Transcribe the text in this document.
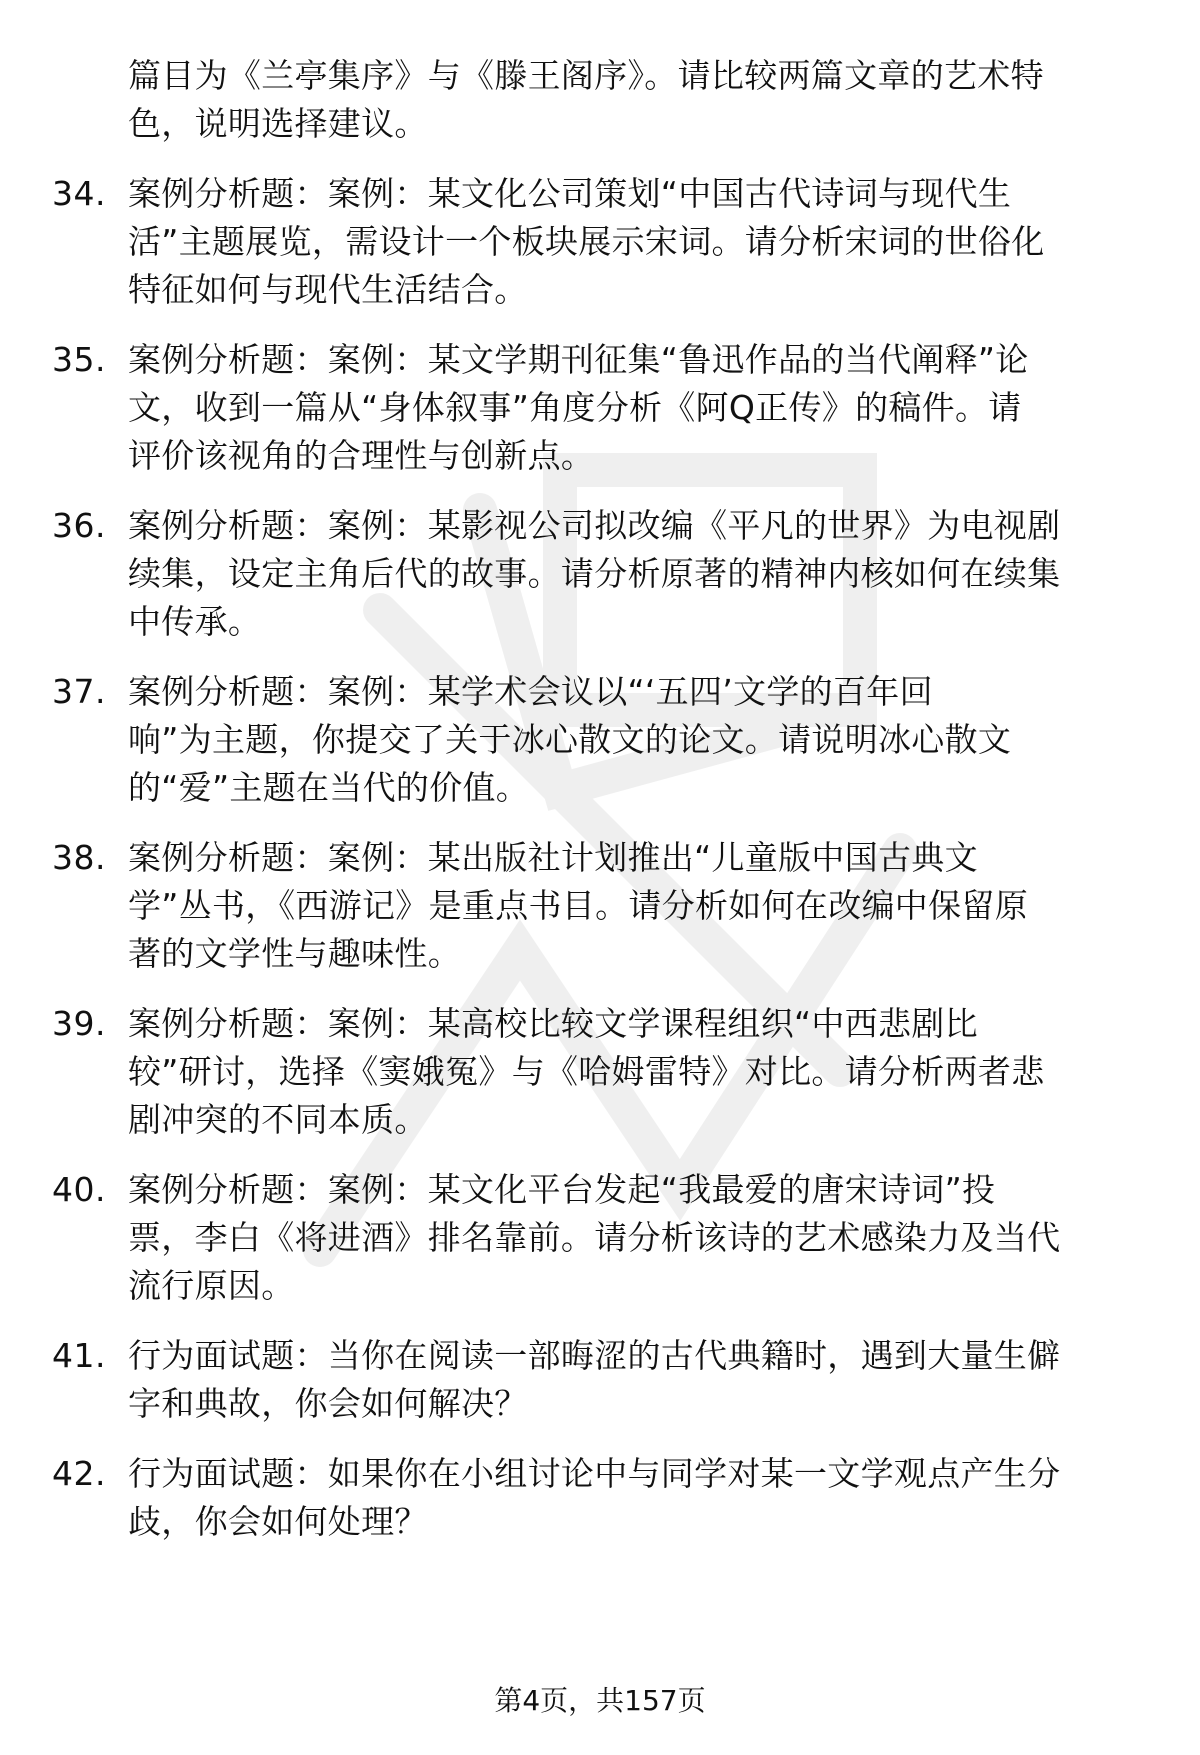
篇目为《兰亭集序》与《滕王阁序》。请比较两篇文章的艺术特
色，说明选择建议。
34. 案例分析题：案例：某文化公司策划“中国古代诗词与现代生
活”主题展览，需设计一个板块展示宋词。请分析宋词的世俗化
特征如何与现代生活结合。
35. 案例分析题：案例：某文学期刊征集“鲁迅作品的当代阐释”论
文，收到一篇从“身体叙事”角度分析《阿Q正传》的稿件。请
评价该视角的合理性与创新点。
36. 案例分析题：案例：某影视公司拟改编《平凡的世界》为电视剧
续集，设定主角后代的故事。请分析原著的精神内核如何在续集
中传承。
37. 案例分析题：案例：某学术会议以“‘五四’文学的百年回
响”为主题，你提交了关于冰心散文的论文。请说明冰心散文
的“爱”主题在当代的价值。
38. 案例分析题：案例：某出版社计划推出“儿童版中国古典文
学”丛书，《西游记》是重点书目。请分析如何在改编中保留原
著的文学性与趣味性。
39. 案例分析题：案例：某高校比较文学课程组织“中西悲剧比
较”研讨，选择《窦娥冤》与《哈姆雷特》对比。请分析两者悲
剧冲突的不同本质。
40. 案例分析题：案例：某文化平台发起“我最爱的唐宋诗词”投
票，李白《将进酒》排名靠前。请分析该诗的艺术感染力及当代
流行原因。
41. 行为面试题：当你在阅读一部晦涩的古代典籍时，遇到大量生僻
字和典故，你会如何解决？
42. 行为面试题：如果你在小组讨论中与同学对某一文学观点产生分
歧，你会如何处理？
第4页，共157页
